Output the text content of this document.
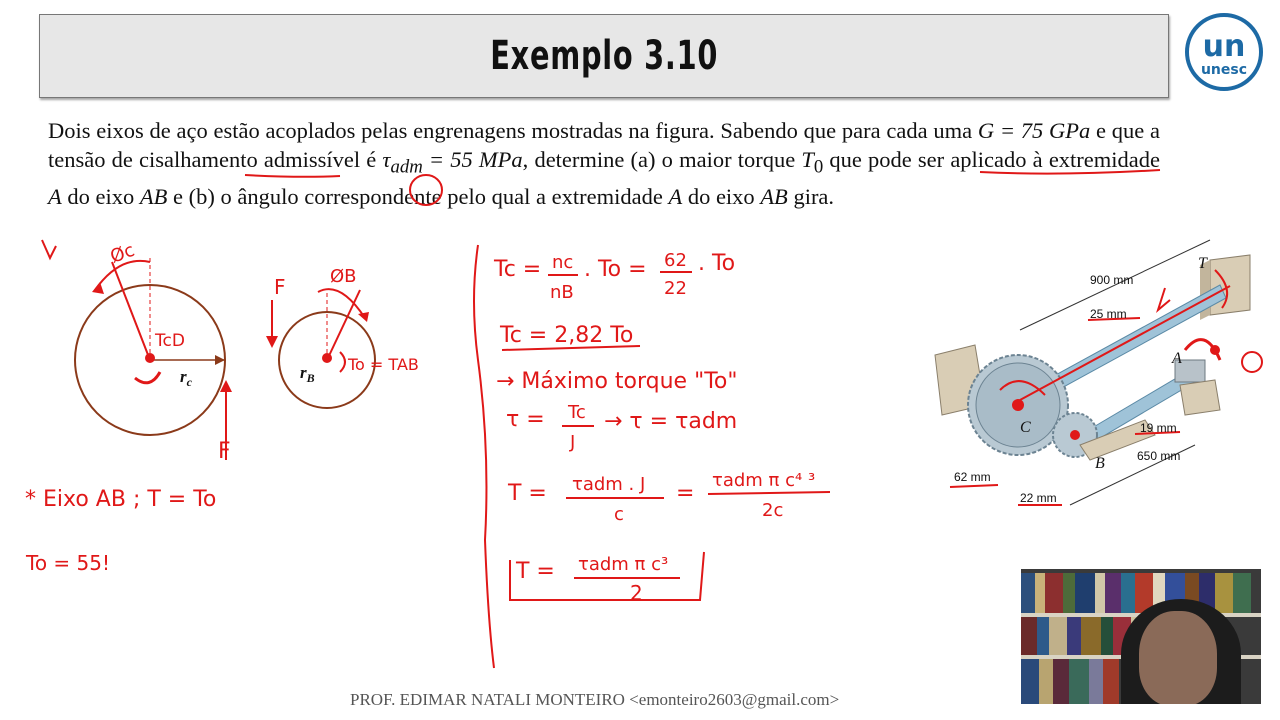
Exemplo 3.10	un
unesc
Dois eixos de aço estão acoplados pelas engrenagens mostradas na figura. Sabendo que para cada uma G = 75 GPa e que a tensão de cisalhamento admissível é $\tau_{adm} = 55$ MPa, determine (a) o maior torque $T_0$ que pode ser aplicado à extremidade A do eixo AB e (b) o ângulo correspondente pelo qual a extremidade A do eixo AB gira.
Øc
TcD
$r_c$
F
ØB
F
To = TAB
$r_B$
* Eixo AB ; T = To
To = 55!
Tc = nc
nB
. To = 62
22
. To
Tc = 2,82 To
→ Máximo torque "To"
τ = Tc
J
→ τ = τadm
T = τadm . J
c
=
τadm π c⁴ ³
2c
T = τadm π c³
2
900 mm
25 mm
19 mm
650 mm
62 mm
22 mm
T
A
B
C
PROF. EDIMAR NATALI MONTEIRO <emonteiro2603@gmail.com>
